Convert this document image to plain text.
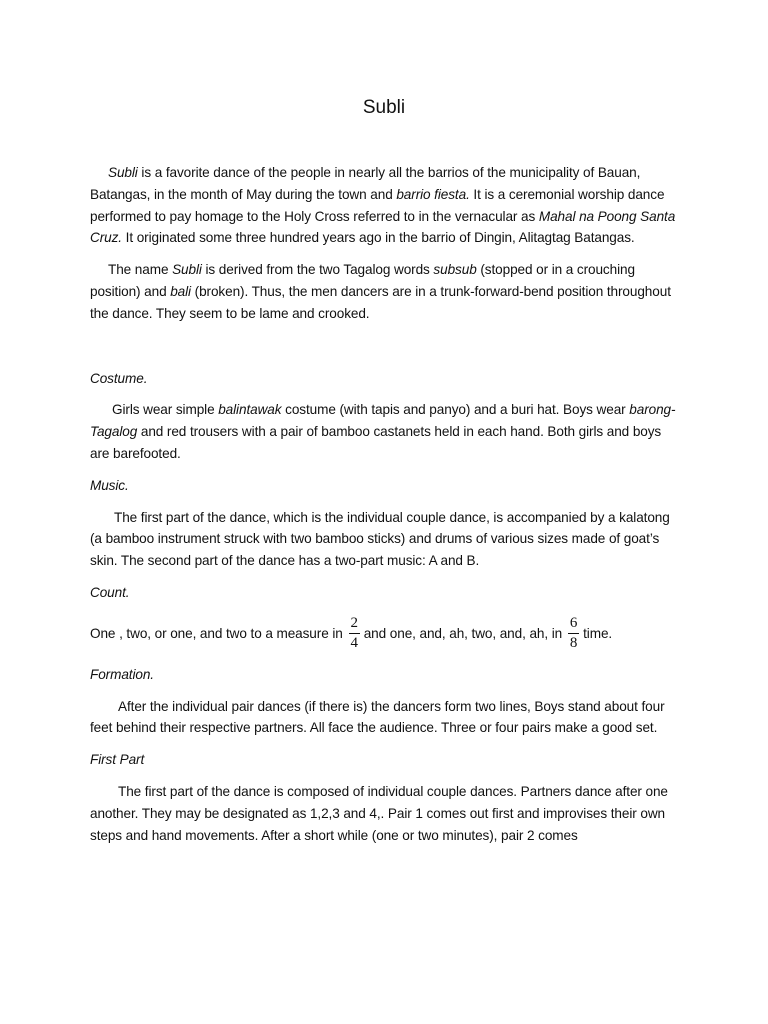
Subli

Subli is a favorite dance of the people in nearly all the barrios of the municipality of Bauan, Batangas, in the month of May during the town and barrio fiesta. It is a ceremonial worship dance performed to pay homage to the Holy Cross referred to in the vernacular as Mahal na Poong Santa Cruz. It originated some three hundred years ago in the barrio of Dingin, Alitagtag Batangas.

The name Subli is derived from the two Tagalog words subsub (stopped or in a crouching position) and bali (broken). Thus, the men dancers are in a trunk-forward-bend position throughout the dance. They seem to be lame and crooked.

Costume.

Girls wear simple balintawak costume (with tapis and panyo) and a buri hat. Boys wear barong-Tagalog and red trousers with a pair of bamboo castanets held in each hand. Both girls and boys are barefooted.

Music.

The first part of the dance, which is the individual couple dance, is accompanied by a kalatong (a bamboo instrument struck with two bamboo sticks) and drums of various sizes made of goat’s skin. The second part of the dance has a two-part music: A and B.

Count.

One , two, or one, and two to a measure in $\frac{2}{4}$ and one, and, ah, two, and, ah, in $\frac{6}{8}$ time.

Formation.

After the individual pair dances (if there is) the dancers form two lines, Boys stand about four feet behind their respective partners. All face the audience. Three or four pairs make a good set.

First Part

The first part of the dance is composed of individual couple dances. Partners dance after one another. They may be designated as 1,2,3 and 4,. Pair 1 comes out first and improvises their own steps and hand movements. After a short while (one or two minutes), pair 2 comes
